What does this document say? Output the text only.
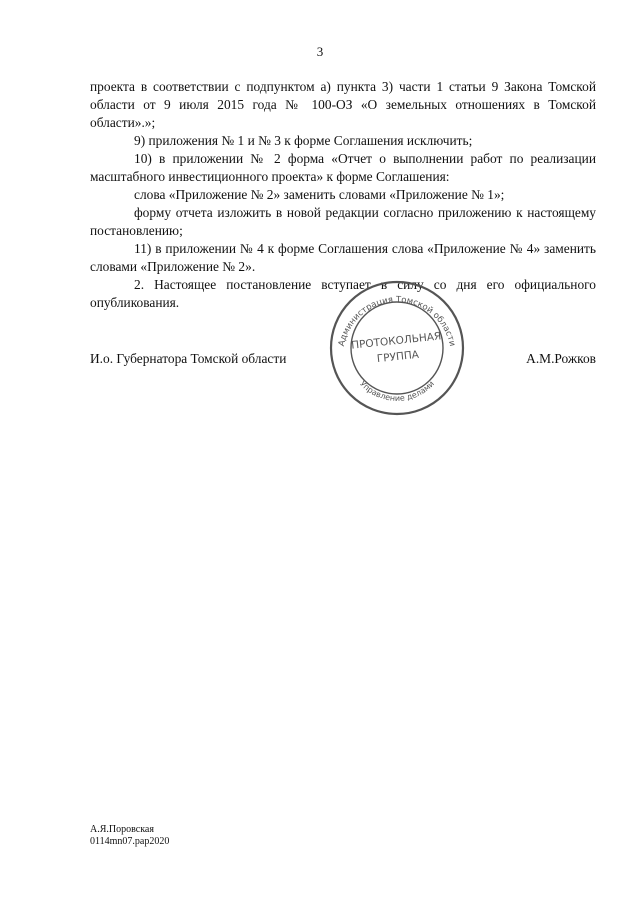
3

проекта в соответствии с подпунктом а) пункта 3) части 1 статьи 9 Закона Томской области от 9 июля 2015 года № 100-ОЗ «О земельных отношениях в Томской области».»;

9) приложения № 1 и № 3 к форме Соглашения исключить;

10) в приложении № 2 форма «Отчет о выполнении работ по реализации масштабного инвестиционного проекта» к форме Соглашения:

слова «Приложение № 2» заменить словами «Приложение № 1»;

форму отчета изложить в новой редакции согласно приложению к настоящему постановлению;

11) в приложении № 4 к форме Соглашения слова «Приложение № 4» заменить словами «Приложение № 2».

2. Настоящее постановление вступает в силу со дня его официального опубликования.

И.о. Губернатора Томской области	А.М.Рожков
Администрация Томской области
Управление делами
ПРОТОКОЛЬНАЯ
ГРУППА
А.Я.Поровская
0114mn07.pap2020
